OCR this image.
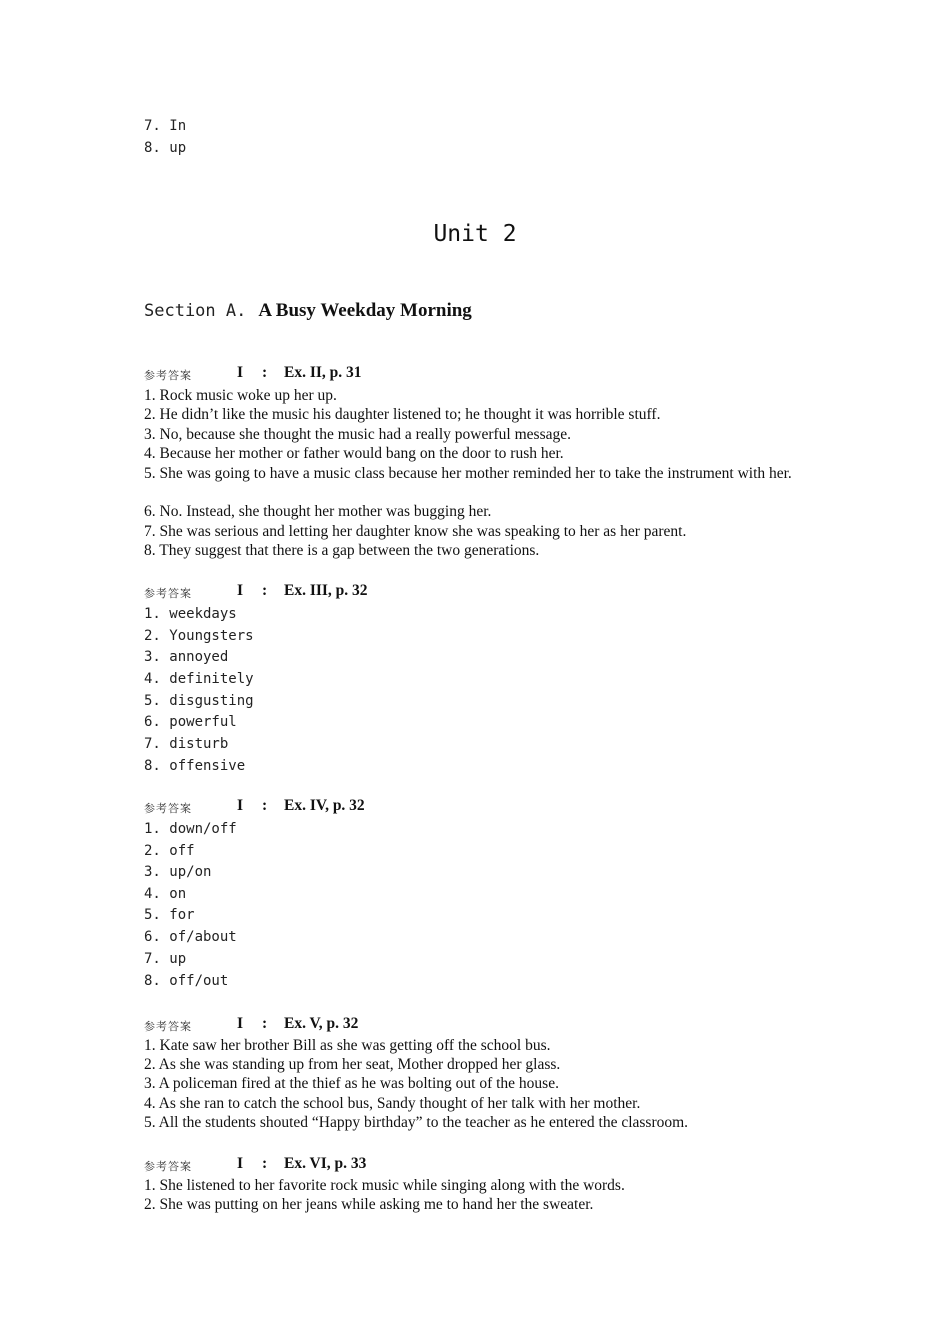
7. In
8. up
Unit 2
Section A. A Busy Weekday Morning
参考答案	I : Ex. II, p. 31
1. Rock music woke up her up.
2. He didn’t like the music his daughter listened to; he thought it was horrible stuff.
3. No, because she thought the music had a really powerful message.
4. Because her mother or father would bang on the door to rush her.
5. She was going to have a music class because her mother reminded her to take the instrument with her.
6. No. Instead, she thought her mother was bugging her.
7. She was serious and letting her daughter know she was speaking to her as her parent.
8. They suggest that there is a gap between the two generations.
参考答案	I : Ex. III, p. 32
1. weekdays
2. Youngsters
3. annoyed
4. definitely
5. disgusting
6. powerful
7. disturb
8. offensive
参考答案	I : Ex. IV, p. 32
1. down/off
2. off
3. up/on
4. on
5. for
6. of/about
7. up
8. off/out
参考答案	I : Ex. V, p. 32
1. Kate saw her brother Bill as she was getting off the school bus.
2. As she was standing up from her seat, Mother dropped her glass.
3. A policeman fired at the thief as he was bolting out of the house.
4. As she ran to catch the school bus, Sandy thought of her talk with her mother.
5. All the students shouted “Happy birthday” to the teacher as he entered the classroom.
参考答案	I : Ex. VI, p. 33
1. She listened to her favorite rock music while singing along with the words.
2. She was putting on her jeans while asking me to hand her the sweater.
